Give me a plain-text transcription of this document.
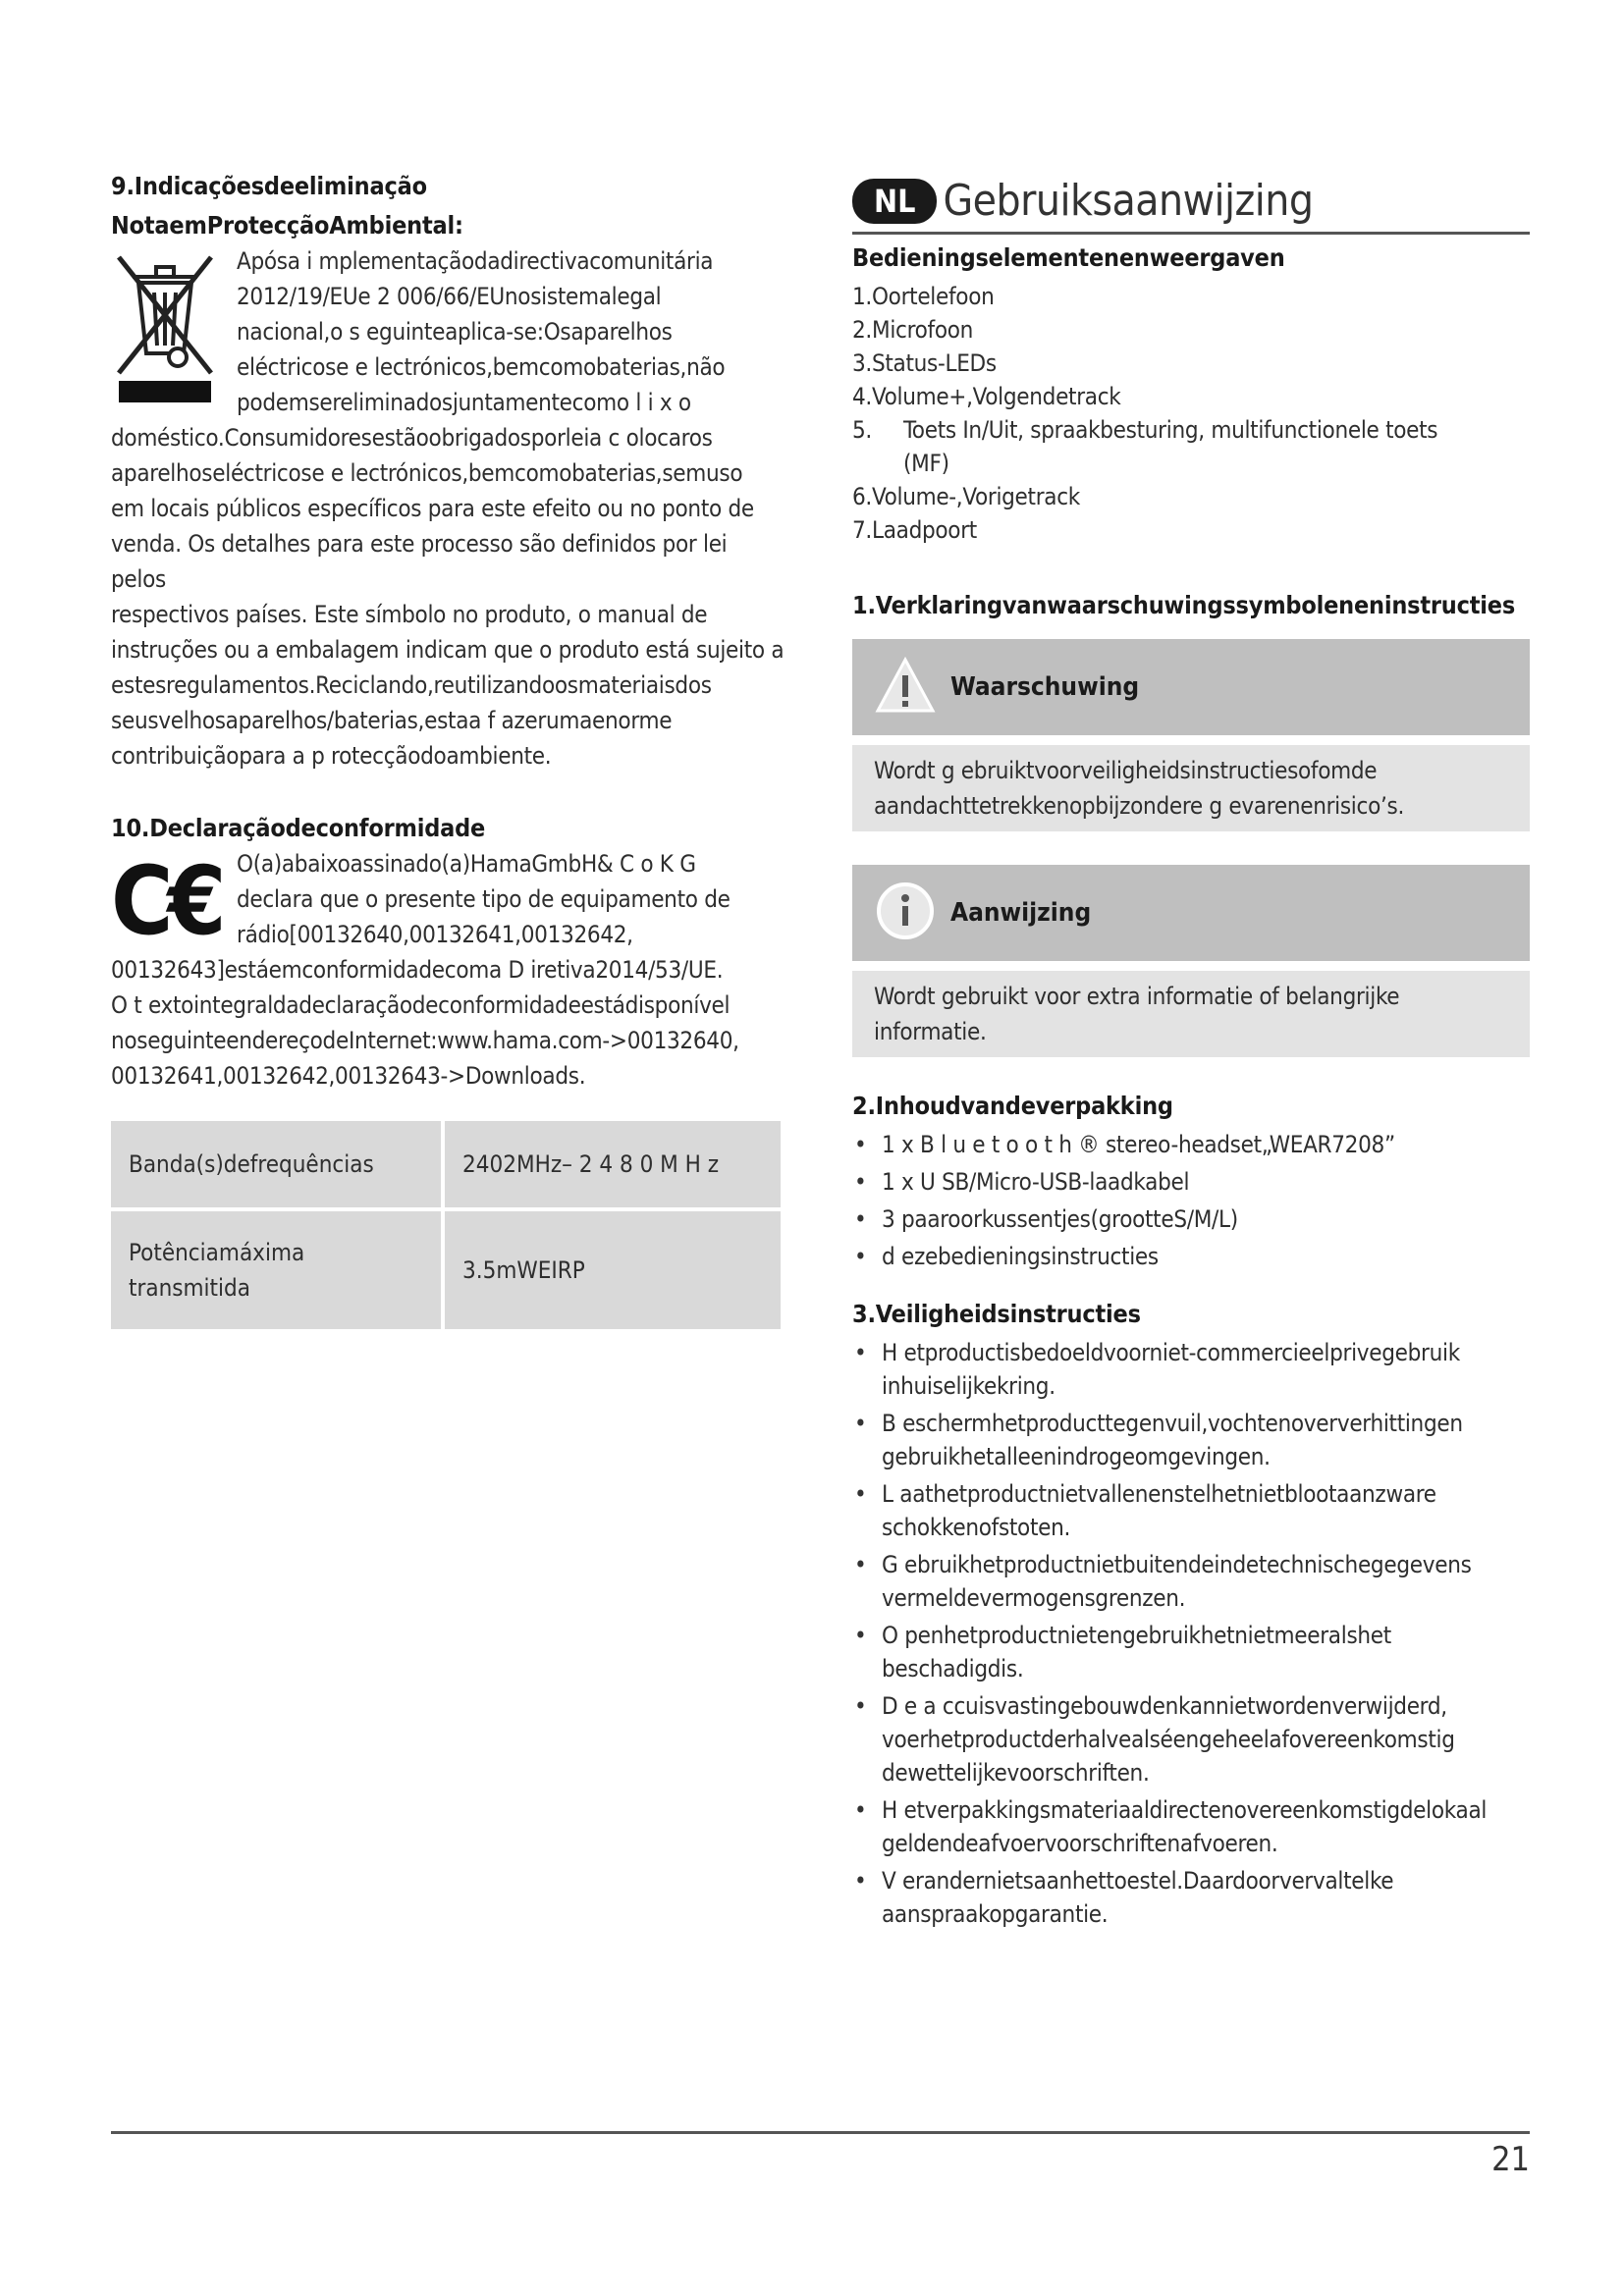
9.Indicaçõesdeeliminação
NotaemProtecçãoAmbiental:
Apósa i mplementaçãodadirectivacomunitária
2012/19/EUe 2 006/66/EUnosistemalegal
nacional,o s eguinteaplica-se:Osaparelhos
eléctricose e lectrónicos,bemcomobaterias,não
podemsereliminadosjuntamentecomo l i x o

doméstico.Consumidoresestãoobrigadosporleia c olocaros

aparelhoseléctricose e lectrónicos,bemcomobaterias,semuso

em locais públicos específicos para este efeito ou no ponto de

venda. Os detalhes para este processo são definidos por lei pelos

respectivos países. Este símbolo no produto, o manual de

instruções ou a embalagem indicam que o produto está sujeito a

estesregulamentos.Reciclando,reutilizandoosmateriaisdos

seusvelhosaparelhos/baterias,estaa f azerumaenorme

contribuiçãopara a p rotecçãodoambiente.

10.Declaraçãodeconformidade
C€ O(a)abaixoassinado(a)HamaGmbH& C o K G
declara que o presente tipo de equipamento de
rádio[00132640,00132641,00132642,

00132643]estáemconformidadecoma D iretiva2014/53/UE.

O t extointegraldadeclaraçãodeconformidadeestádisponível

noseguinteendereçodeInternet:www.hama.com->00132640,

00132641,00132642,00132643->Downloads.

Banda(s)defrequências	2402MHz– 2 4 8 0 M H z

Potênciamáxima
transmitida	3.5mWEIRP
NL Gebruiksaanwijzing
Bedieningselementenenweergaven
1.Oortelefoon
2.Microfoon
3.Status-LEDs
4.Volume+,Volgendetrack
5.	Toets In/Uit, spraakbesturing, multifunctionele toets
(MF)
6.Volume-,Vorigetrack
7.Laadpoort
1.Verklaringvanwaarschuwingssymboleneninstructies
Waarschuwing
Wordt g ebruiktvoorveiligheidsinstructiesofomde
aandachttetrekkenopbijzondere g evarenenrisico’s.
Aanwijzing
Wordt gebruikt voor extra informatie of belangrijke
informatie.
2.Inhoudvandeverpakking
• 1 x B l u e t o o t h ® stereo-headset„WEAR7208”
• 1 x U SB/Micro-USB-laadkabel
• 3 paaroorkussentjes(grootteS/M/L)
• d ezebedieningsinstructies
3.Veiligheidsinstructies
• H etproductisbedoeldvoorniet-commercieelprivegebruik
inhuiselijkekring.
• B eschermhetproducttegenvuil,vochtenoververhittingen
gebruikhetalleenindrogeomgevingen.
• L aathetproductnietvallenenstelhetnietblootaanzware
schokkenofstoten.
• G ebruikhetproductnietbuitendeindetechnischegegevens
vermeldevermogensgrenzen.
• O penhetproductnietengebruikhetnietmeeralshet
beschadigdis.
• D e a ccuisvastingebouwdenkannietwordenverwijderd,
voerhetproductderhalvealséengeheelafovereenkomstig
dewettelijkevoorschriften.
• H etverpakkingsmateriaaldirectenovereenkomstigdelokaal
geldendeafvoervoorschriftenafvoeren.
• V erandernietsaanhettoestel.Daardoorvervaltelke
aanspraakopgarantie.
21
